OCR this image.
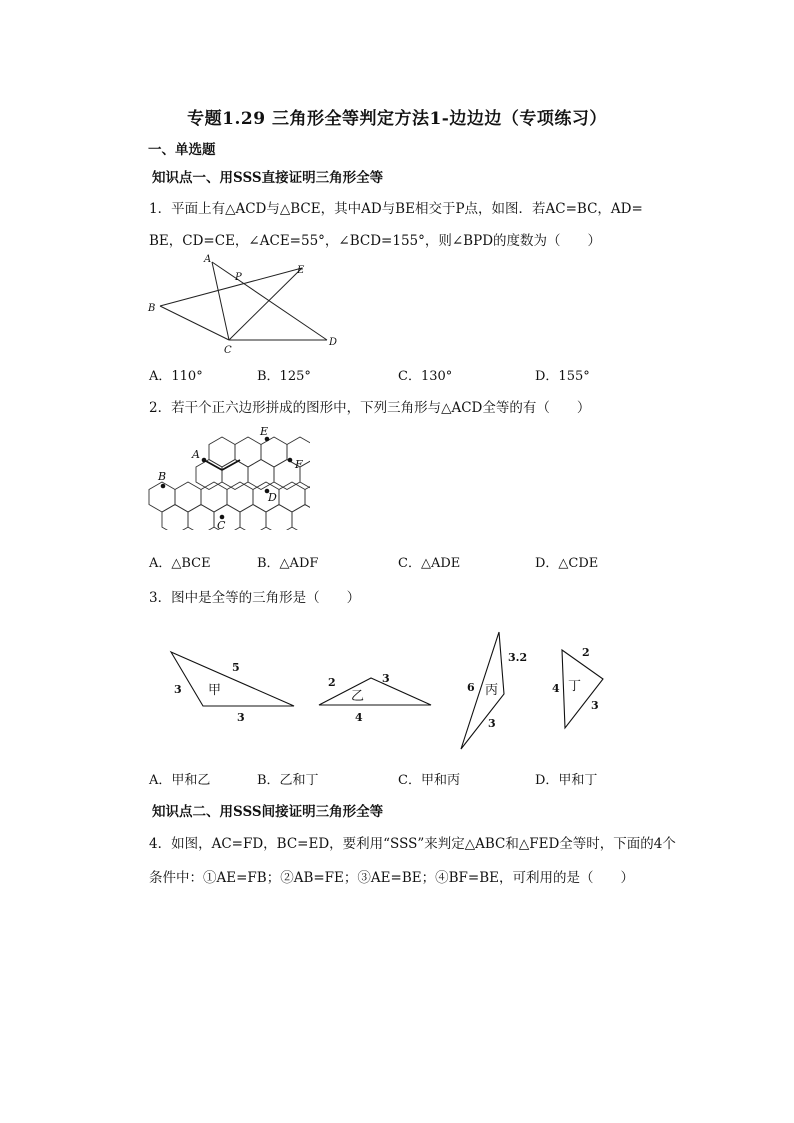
专题1.29 三角形全等判定方法1-边边边（专项练习）
一、单选题
知识点一、用SSS直接证明三角形全等
1．平面上有△ACD与△BCE，其中AD与BE相交于P点，如图．若AC=BC，AD=
BE，CD=CE，∠ACE=55°，∠BCD=155°，则∠BPD的度数为（　　）
A
P
E
B
C
D
A．110°	B．125°	C．130°	D．155°
2．若干个正六边形拼成的图形中，下列三角形与△ACD全等的有（　　）
A
B
C
D
E
F
A．△BCE	B．△ADF	C．△ADE	D．△CDE
3．图中是全等的三角形是（　　）
5
3
3
2	3
4
3.2
6
3
2
4
3
甲	乙	丙	丁
A．甲和乙	B．乙和丁	C．甲和丙	D．甲和丁
知识点二、用SSS间接证明三角形全等
4．如图，AC=FD，BC=ED，要利用“SSS”来判定△ABC和△FED全等时，下面的4个
条件中：①AE=FB；②AB=FE；③AE=BE；④BF=BE，可利用的是（　　）
